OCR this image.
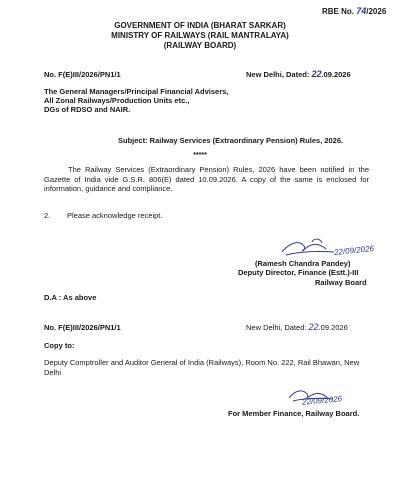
RBE No. 74/2026
GOVERNMENT OF INDIA (BHARAT SARKAR)
MINISTRY OF RAILWAYS (RAIL MANTRALAYA)
(RAILWAY BOARD)
No. F(E)III/2026/PN1/1	New Delhi, Dated: 22.09.2026
The General Managers/Principal Financial Advisers,
All Zonal Railways/Production Units etc.,
DGs of RDSO and NAIR.
Subject: Railway Services (Extraordinary Pension) Rules, 2026.
*****
The Railway Services (Extraordinary Pension) Rules, 2026 have been notified in the Gazette of India vide G.S.R. 806(E) dated 10.09.2026. A copy of the same is enclosed for information, guidance and compliance.
2. Please acknowledge receipt.
22/09/2026
(Ramesh Chandra Pandey)
Deputy Director, Finance (Estt.)-III
Railway Board
D.A : As above
No. F(E)III/2026/PN1/1	New Delhi, Dated: 22.09.2026
Copy to:
Deputy Comptroller and Auditor General of India (Railways), Room No. 222, Rail Bhawan, New Delhi
22/09/2026
For Member Finance, Railway Board.
